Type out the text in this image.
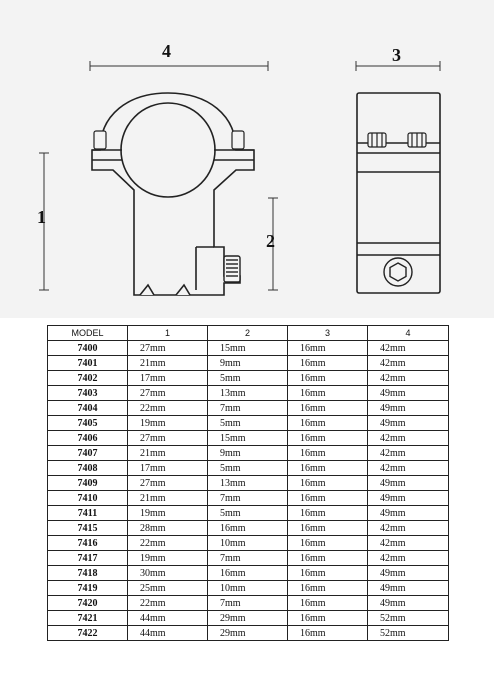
4	3
1
2
MODEL	1	2	3	4
7400	27mm	15mm	16mm	42mm
7401	21mm	9mm	16mm	42mm
7402	17mm	5mm	16mm	42mm
7403	27mm	13mm	16mm	49mm
7404	22mm	7mm	16mm	49mm
7405	19mm	5mm	16mm	49mm
7406	27mm	15mm	16mm	42mm
7407	21mm	9mm	16mm	42mm
7408	17mm	5mm	16mm	42mm
7409	27mm	13mm	16mm	49mm
7410	21mm	7mm	16mm	49mm
7411	19mm	5mm	16mm	49mm
7415	28mm	16mm	16mm	42mm
7416	22mm	10mm	16mm	42mm
7417	19mm	7mm	16mm	42mm
7418	30mm	16mm	16mm	49mm
7419	25mm	10mm	16mm	49mm
7420	22mm	7mm	16mm	49mm
7421	44mm	29mm	16mm	52mm
7422	44mm	29mm	16mm	52mm
